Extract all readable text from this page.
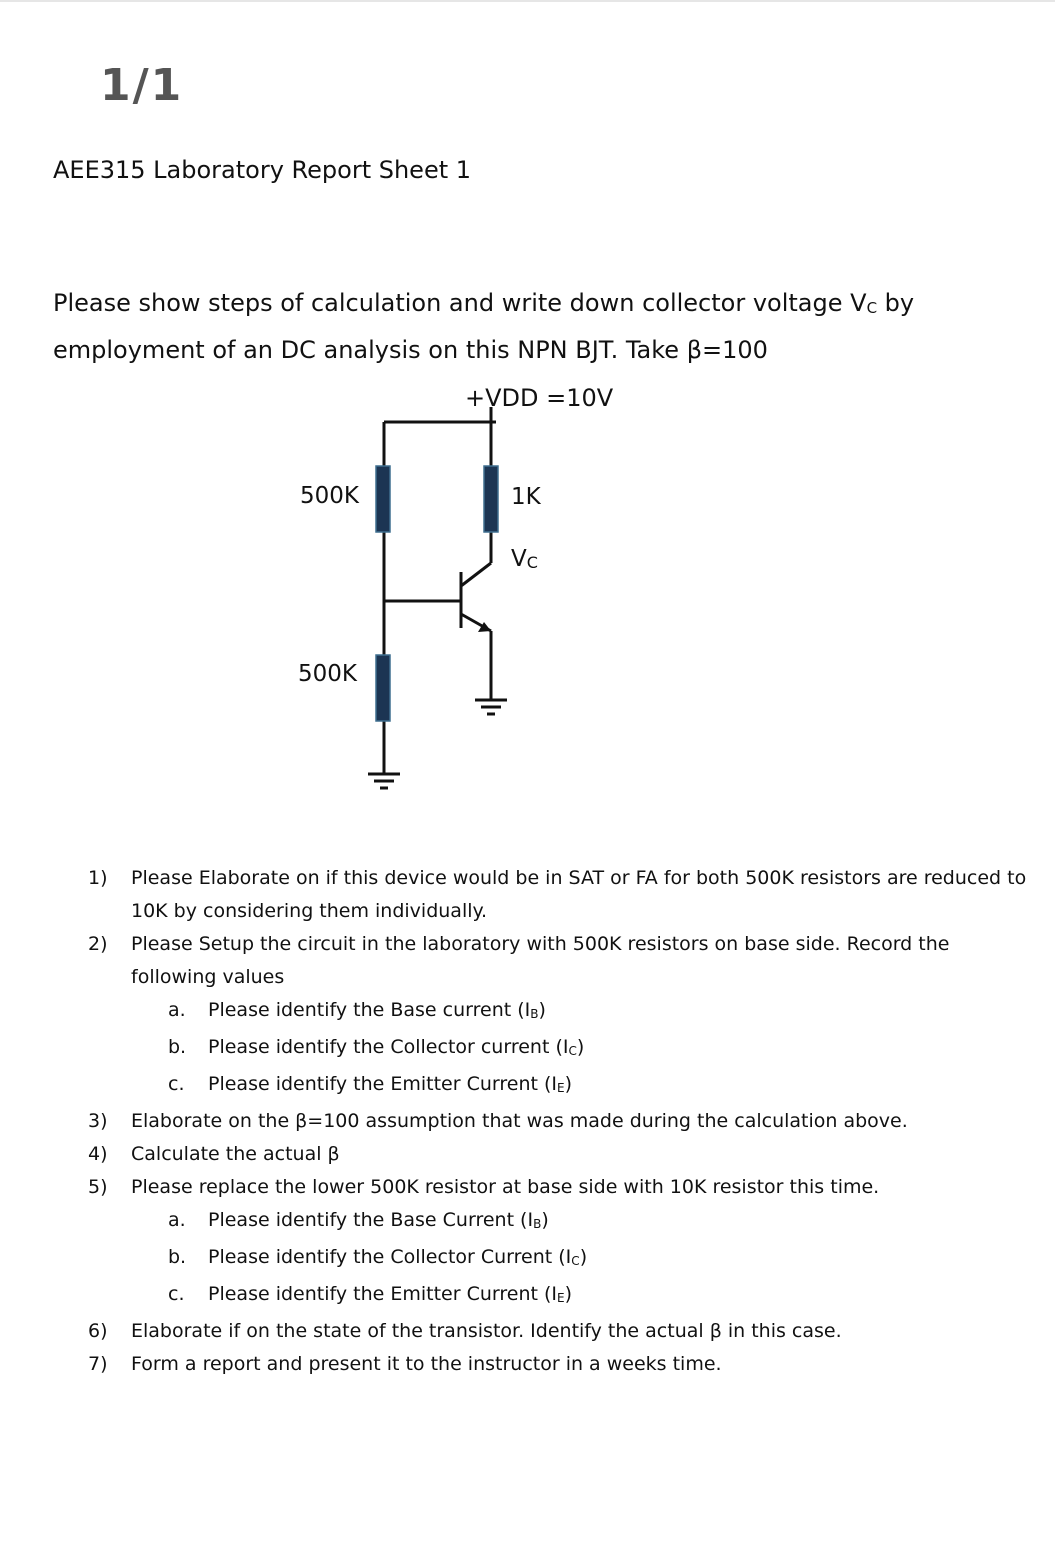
1/1
AEE315 Laboratory Report Sheet 1
Please show steps of calculation and write down collector voltage $V_C$ by
employment of an DC analysis on this NPN BJT. Take β=100
+VDD =10V
500K	1K
500K
VC
1) Please Elaborate on if this device would be in SAT or FA for both 500K resistors are reduced to 10K by considering them individually.
2) Please Setup the circuit in the laboratory with 500K resistors on base side. Record the following values
a. Please identify the Base current $(I_B)$
b. Please identify the Collector current $(I_C)$
c. Please identify the Emitter Current $(I_E)$
3) Elaborate on the β=100 assumption that was made during the calculation above.
4) Calculate the actual β
5) Please replace the lower 500K resistor at base side with 10K resistor this time.
a. Please identify the Base Current $(I_B)$
b. Please identify the Collector Current $(I_C)$
c. Please identify the Emitter Current $(I_E)$
6) Elaborate if on the state of the transistor. Identify the actual β in this case.
7) Form a report and present it to the instructor in a weeks time.
